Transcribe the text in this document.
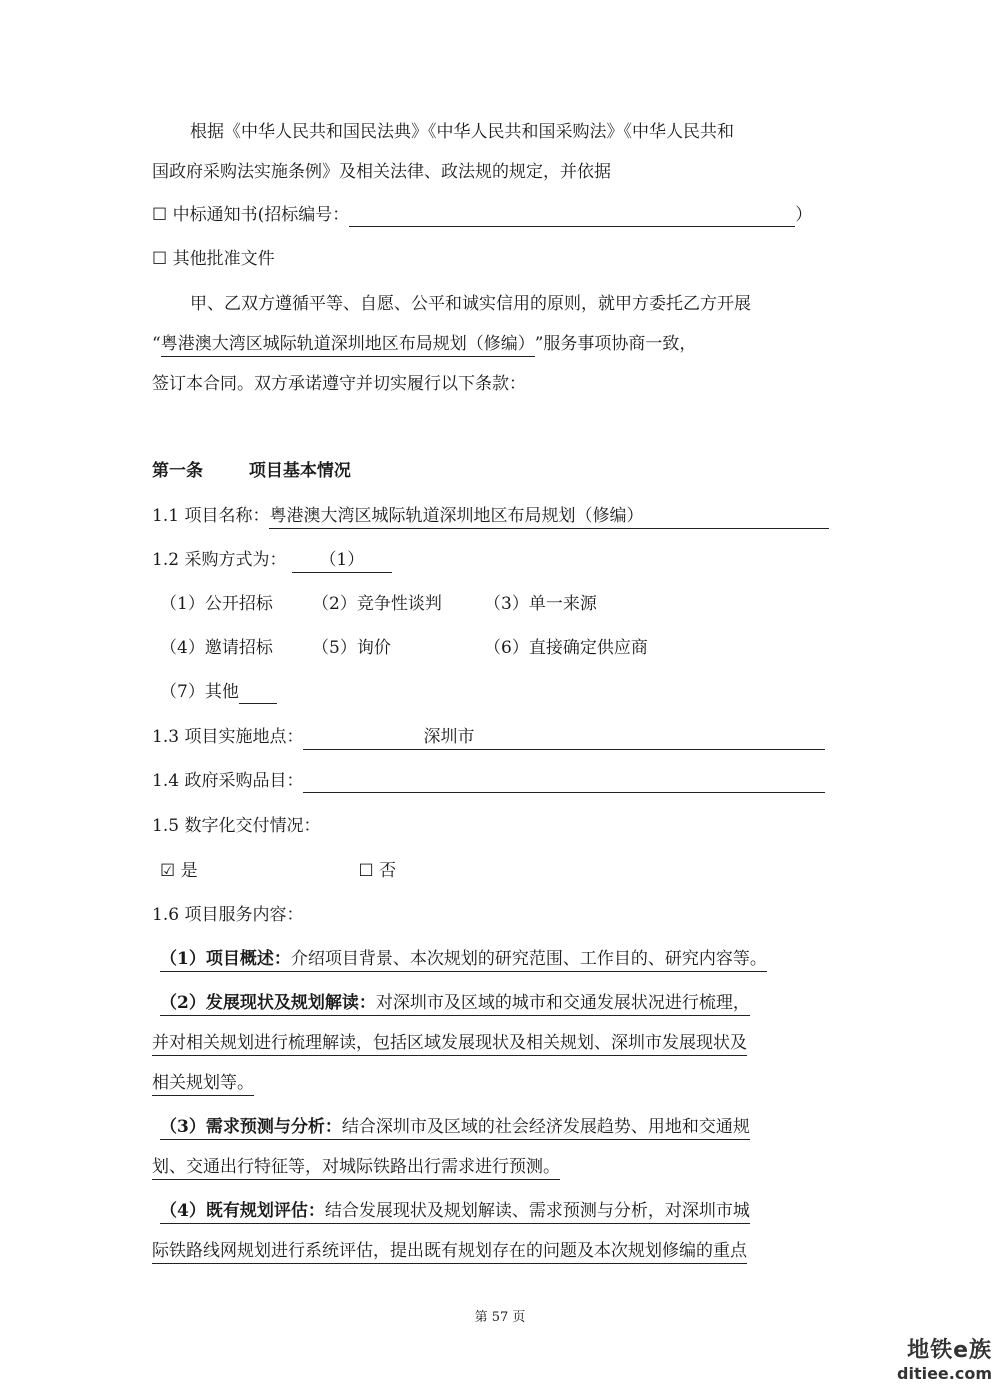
根据《中华人民共和国民法典》《中华人民共和国采购法》《中华人民共和
国政府采购法实施条例》及相关法律、政法规的规定，并依据
☐ 中标通知书(招标编号：	）
☐ 其他批准文件
甲、乙双方遵循平等、自愿、公平和诚实信用的原则，就甲方委托乙方开展
“粤港澳大湾区城际轨道深圳地区布局规划（修编）”服务事项协商一致，
签订本合同。双方承诺遵守并切实履行以下条款：
第一条	项目基本情况
1.1 项目名称：粤港澳大湾区城际轨道深圳地区布局规划（修编）
1.2 采购方式为： （1）
（1）公开招标 （2）竞争性谈判 （3）单一来源
（4）邀请招标 （5）询价	（6）直接确定供应商
（7）其他
1.3 项目实施地点：	深圳市
1.4 政府采购品目：
1.5 数字化交付情况：
☑ 是	☐ 否
1.6 项目服务内容：
（1）项目概述：介绍项目背景、本次规划的研究范围、工作目的、研究内容等。
（2）发展现状及规划解读：对深圳市及区域的城市和交通发展状况进行梳理，
并对相关规划进行梳理解读，包括区域发展现状及相关规划、深圳市发展现状及
相关规划等。
（3）需求预测与分析：结合深圳市及区域的社会经济发展趋势、用地和交通规
划、交通出行特征等，对城际铁路出行需求进行预测。
（4）既有规划评估：结合发展现状及规划解读、需求预测与分析，对深圳市城
际铁路线网规划进行系统评估，提出既有规划存在的问题及本次规划修编的重点
第 57 页
地铁e族
ditiee.com
